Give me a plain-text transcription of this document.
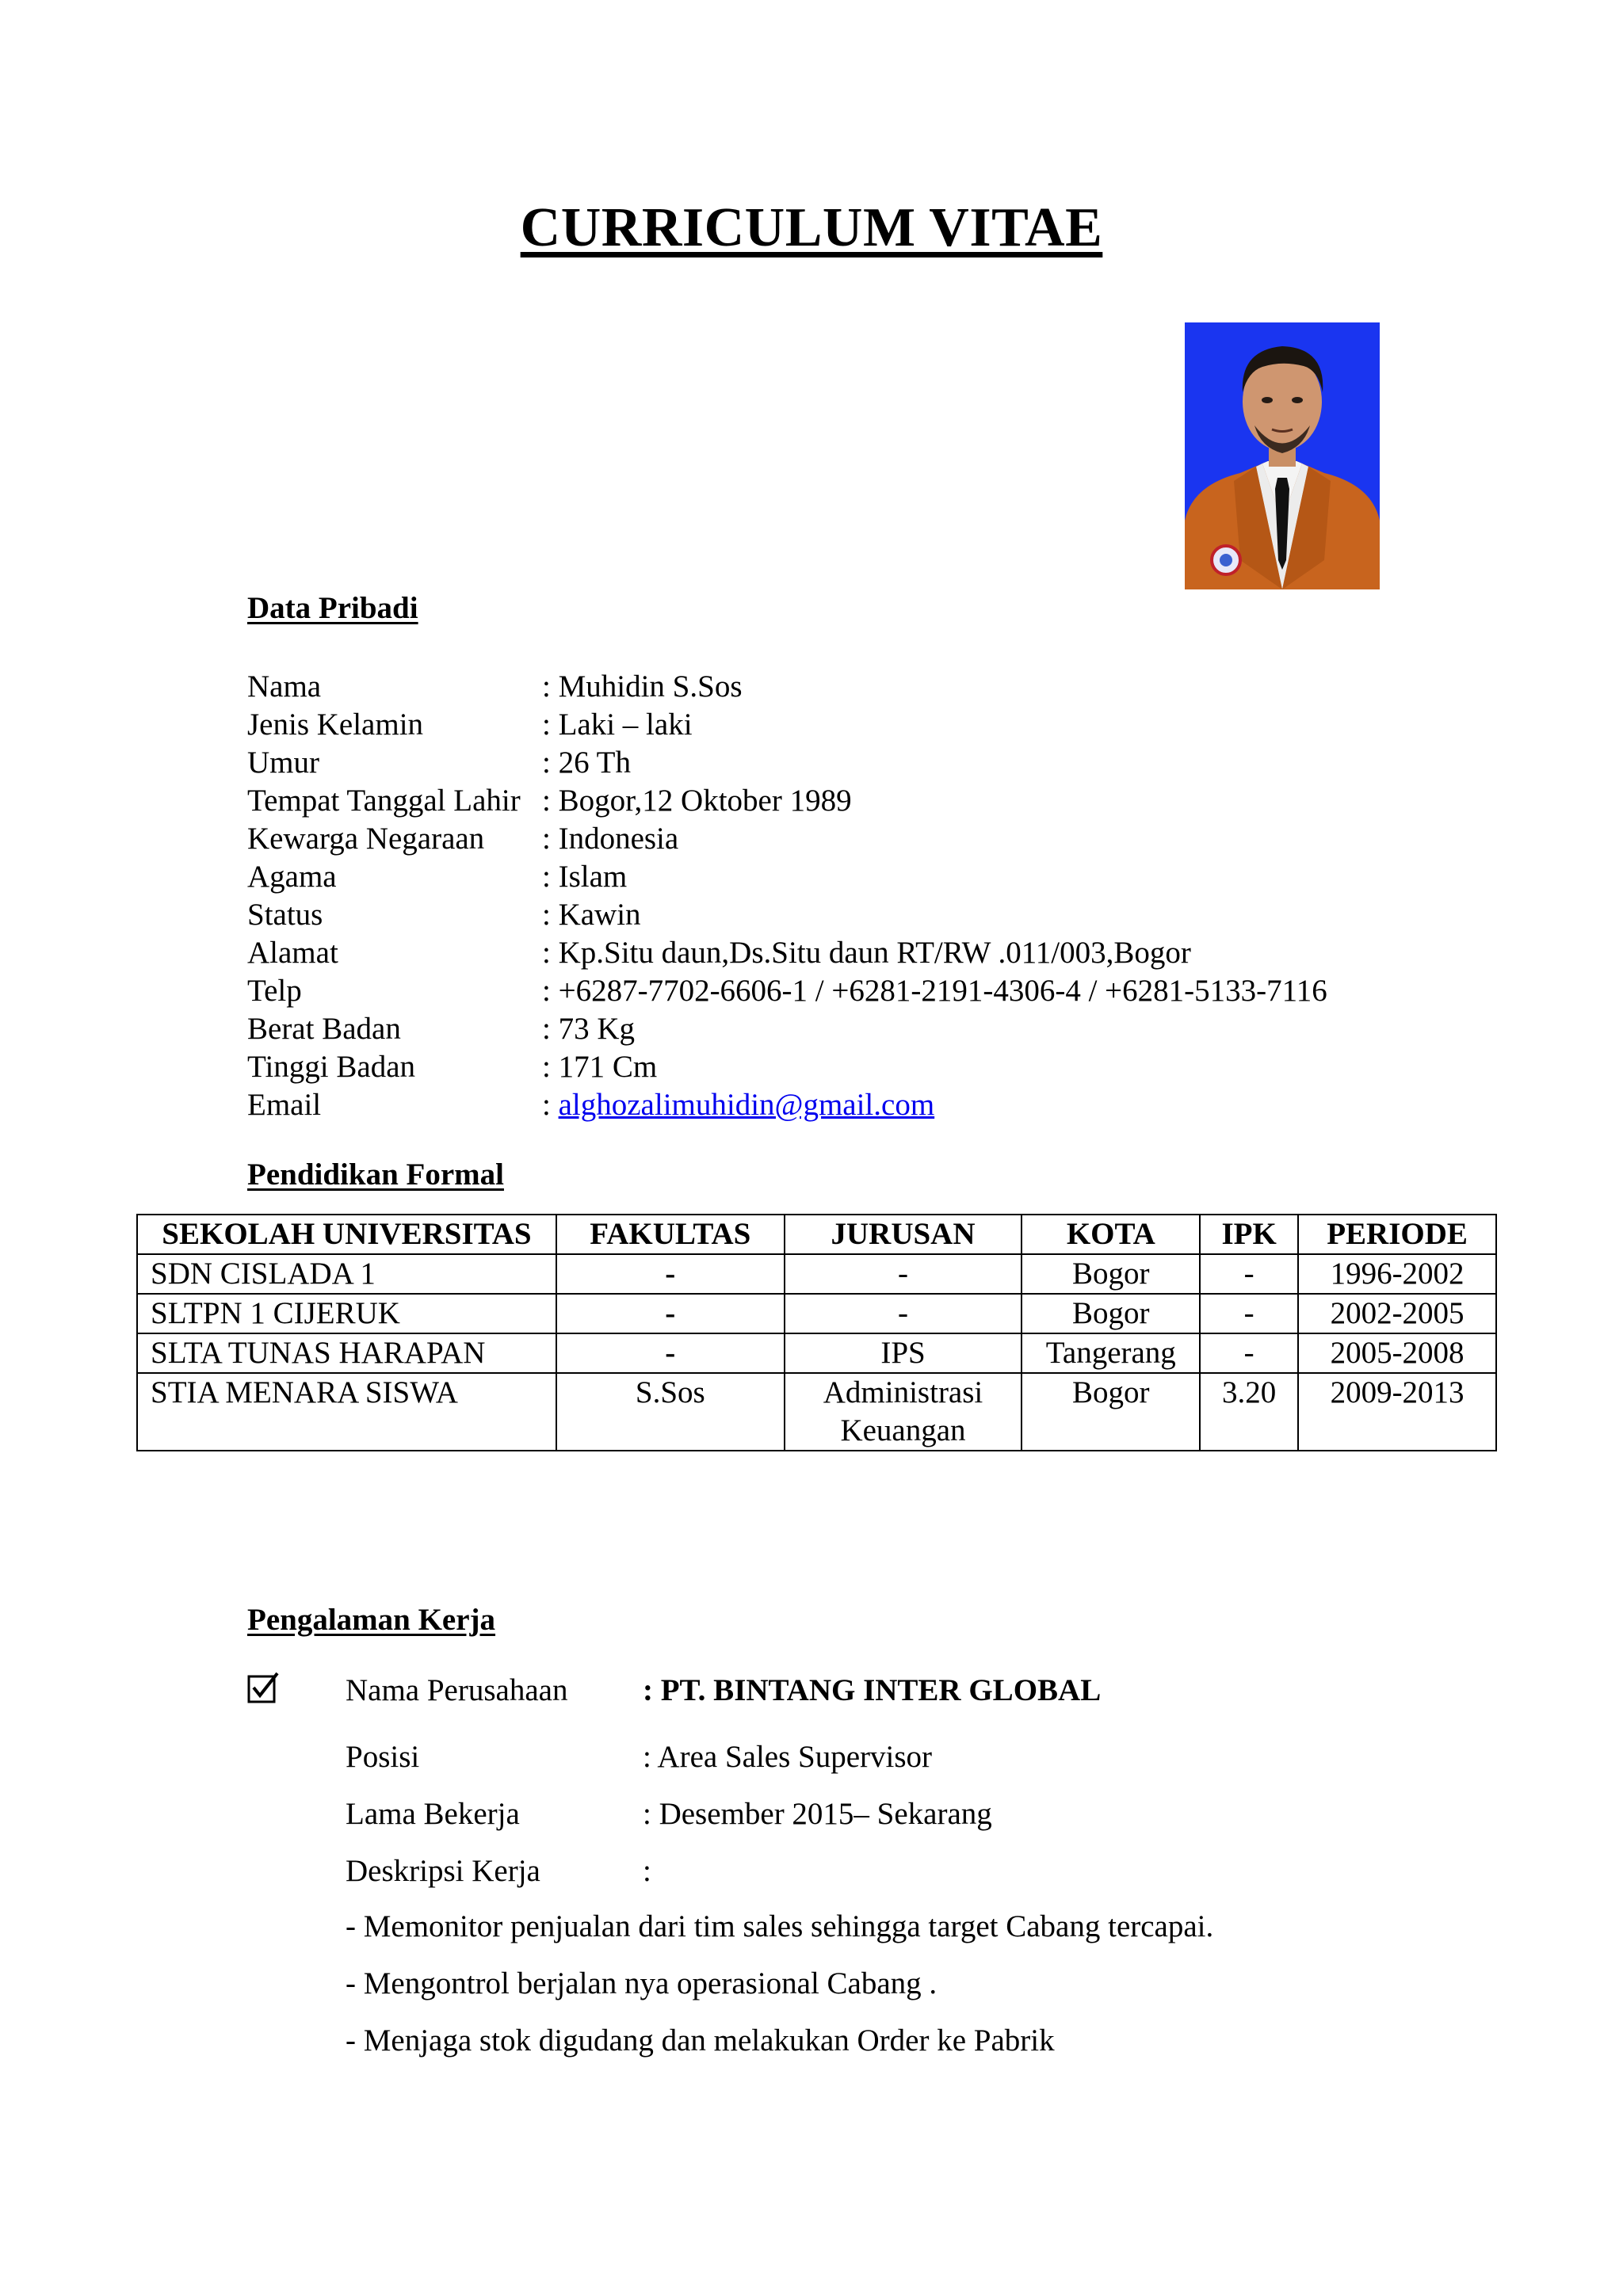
CURRICULUM VITAE
Data Pribadi
Nama	: Muhidin S.Sos
Jenis Kelamin	: Laki – laki
Umur	: 26 Th
Tempat Tanggal Lahir : Bogor,12 Oktober 1989
Kewarga Negaraan : Indonesia
Agama	: Islam
Status	: Kawin
Alamat	: Kp.Situ daun,Ds.Situ daun RT/RW .011/003,Bogor
Telp	: +6287-7702-6606-1 / +6281-2191-4306-4 / +6281-5133-7116
Berat Badan	: 73 Kg
Tinggi Badan	: 171 Cm
Email	: alghozalimuhidin@gmail.com
Pendidikan Formal
SEKOLAH UNIVERSITAS	FAKULTAS	JURUSAN	KOTA	IPK	PERIODE
SDN CISLADA 1	-	-	Bogor	-	1996-2002
SLTPN 1 CIJERUK	-	-	Bogor	-	2002-2005
SLTA TUNAS HARAPAN	-	IPS	Tangerang	-	2005-2008
STIA MENARA SISWA	S.Sos	Administrasi Keuangan	Bogor	3.20	2009-2013
Pengalaman Kerja
Nama Perusahaan : PT. BINTANG INTER GLOBAL
Posisi	: Area Sales Supervisor
Lama Bekerja	: Desember 2015– Sekarang
Deskripsi Kerja	:
- Memonitor penjualan dari tim sales sehingga target Cabang tercapai.
- Mengontrol berjalan nya operasional Cabang .
- Menjaga stok digudang dan melakukan Order ke Pabrik
